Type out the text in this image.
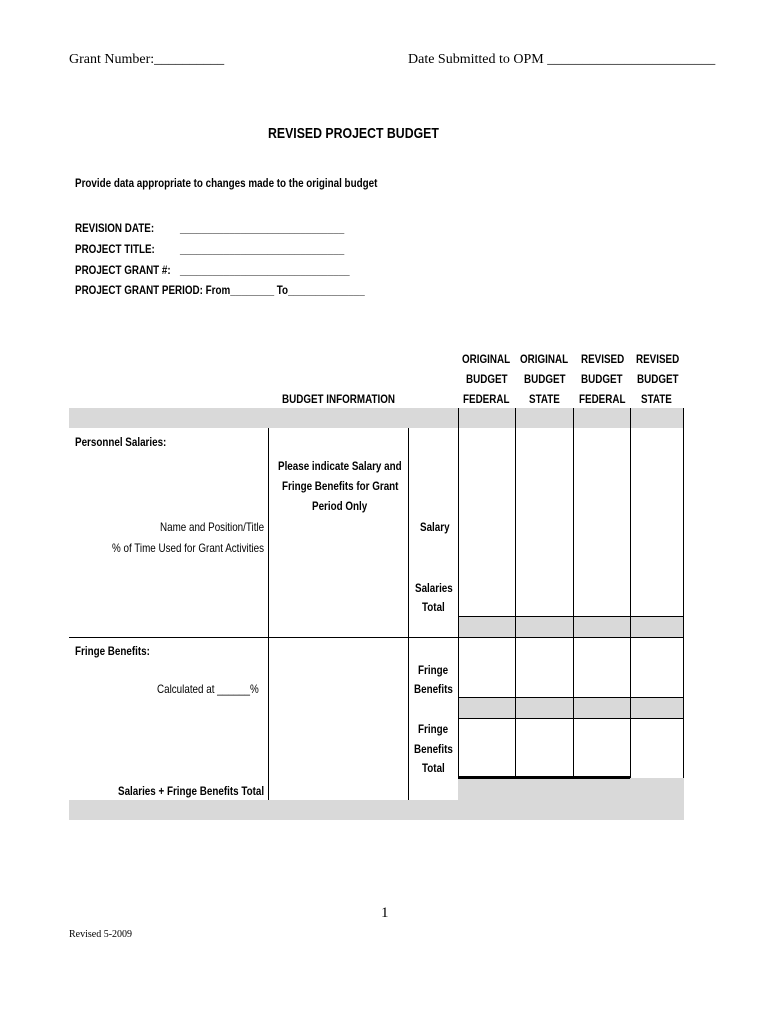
Grant Number:__________	Date Submitted to OPM ________________________
REVISED PROJECT BUDGET
Provide data appropriate to changes made to the original budget
REVISION DATE: ______________________________
PROJECT TITLE: ______________________________
PROJECT GRANT #: _______________________________
PROJECT GRANT PERIOD: From________ To______________
BUDGET INFORMATION
ORIGINAL
BUDGET
FEDERAL
ORIGINAL
BUDGET
STATE
REVISED
BUDGET
FEDERAL
REVISED
BUDGET
STATE
Personnel Salaries:
Please indicate Salary and
Fringe Benefits for Grant
Period Only
Name and Position/Title
% of Time Used for Grant Activities
Salary
Salaries
Total
Fringe Benefits:
Calculated at ______%
Fringe
Benefits
Fringe
Benefits
Total
Salaries + Fringe Benefits Total
1
Revised 5-2009
